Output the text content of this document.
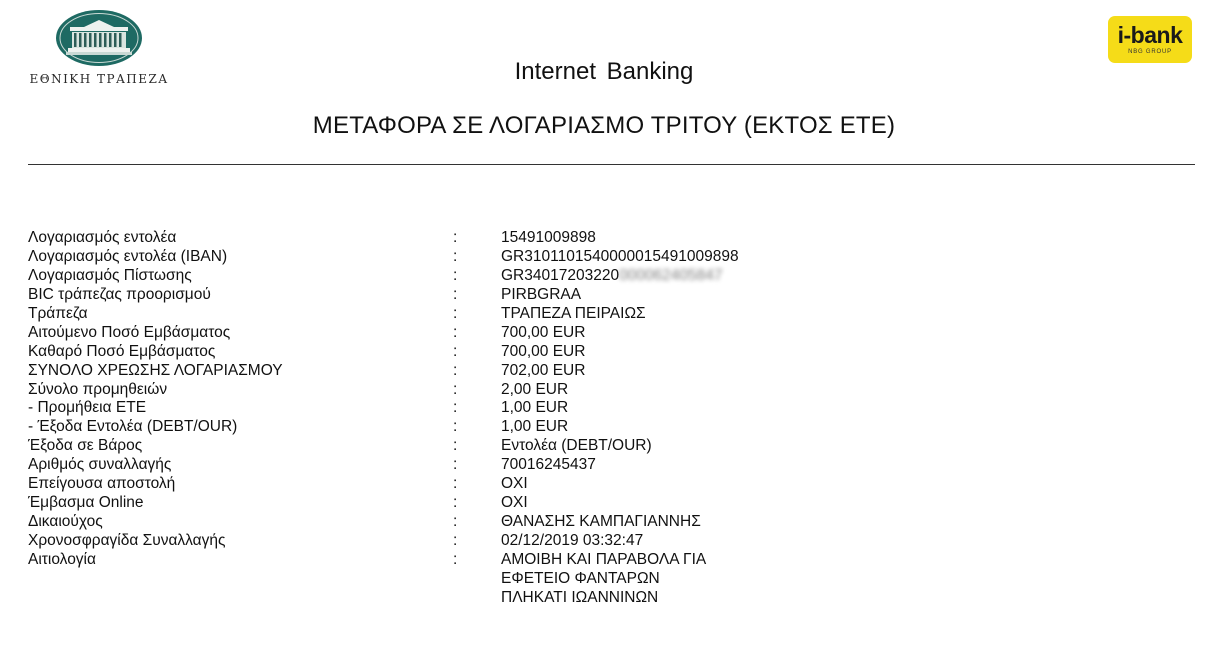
ΕΘΝΙΚΗ ΤΡΑΠΕΖΑ
i-bank
NBG GROUP
Internet Banking
ΜΕΤΑΦΟΡΑ ΣΕ ΛΟΓΑΡΙΑΣΜΟ ΤΡΙΤΟΥ (ΕΚΤΟΣ ΕΤΕ)
Λογαριασμός εντολέα	:	15491009898
Λογαριασμός εντολέα (IBAN)	:	GR3101101540000015491009898
Λογαριασμός Πίστωσης	:	GR34017203220000062405847
BIC τράπεζας προορισμού	:	PIRBGRAA
Τράπεζα	:	ΤΡΑΠΕΖΑ ΠΕΙΡΑΙΩΣ
Αιτούμενο Ποσό Εμβάσματος	:	700,00 EUR
Καθαρό Ποσό Εμβάσματος	:	700,00 EUR
ΣΥΝΟΛΟ ΧΡΕΩΣΗΣ ΛΟΓΑΡΙΑΣΜΟΥ	:	702,00 EUR
Σύνολο προμηθειών	:	2,00 EUR
- Προμήθεια ΕΤΕ	:	1,00 EUR
- Έξοδα Εντολέα (DEBT/OUR)	:	1,00 EUR
Έξοδα σε Βάρος	:	Εντολέα (DEBT/OUR)
Αριθμός συναλλαγής	:	70016245437
Επείγουσα αποστολή	:	ΟΧΙ
Έμβασμα Online	:	ΟΧΙ
Δικαιούχος	:	ΘΑΝΑΣΗΣ ΚΑΜΠΑΓΙΑΝΝΗΣ
Χρονοσφραγίδα Συναλλαγής	:	02/12/2019 03:32:47
Αιτιολογία	:	ΑΜΟΙΒΗ ΚΑΙ ΠΑΡΑΒΟΛΑ ΓΙΑ
ΕΦΕΤΕΙΟ ΦΑΝΤΑΡΩΝ
ΠΛΗΚΑΤΙ ΙΩΑΝΝΙΝΩΝ
